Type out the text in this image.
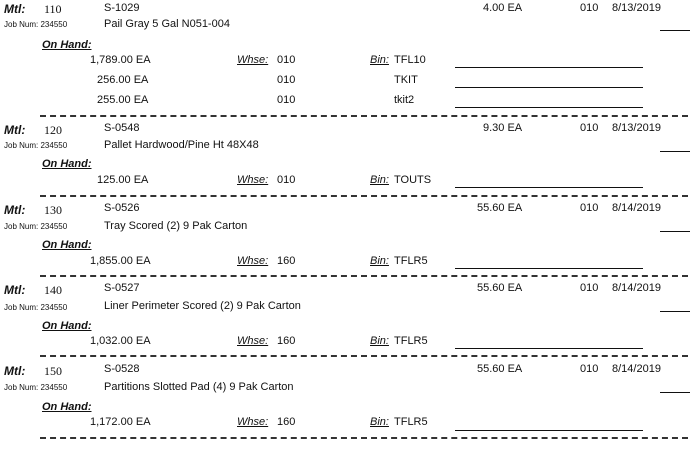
Mtl: 110	S-1029	4.00 EA	010 8/13/2019
Job Num: 234550	Pail Gray 5 Gal N051-004
On Hand:
1,789.00 EA	Whse: 010	Bin: TFL10
256.00 EA	010	TKIT
255.00 EA	010	tkit2
Mtl: 120	S-0548	9.30 EA	010 8/13/2019
Job Num: 234550	Pallet Hardwood/Pine Ht 48X48
On Hand:
125.00 EA	Whse: 010	Bin: TOUTS
Mtl: 130	S-0526	55.60 EA	010 8/14/2019
Job Num: 234550	Tray Scored (2) 9 Pak Carton
On Hand:
1,855.00 EA	Whse: 160	Bin: TFLR5
Mtl: 140	S-0527	55.60 EA	010 8/14/2019
Job Num: 234550	Liner Perimeter Scored (2) 9 Pak Carton
On Hand:
1,032.00 EA	Whse: 160	Bin: TFLR5
Mtl: 150	S-0528	55.60 EA	010 8/14/2019
Job Num: 234550	Partitions Slotted Pad (4) 9 Pak Carton
On Hand:
1,172.00 EA	Whse: 160	Bin: TFLR5
